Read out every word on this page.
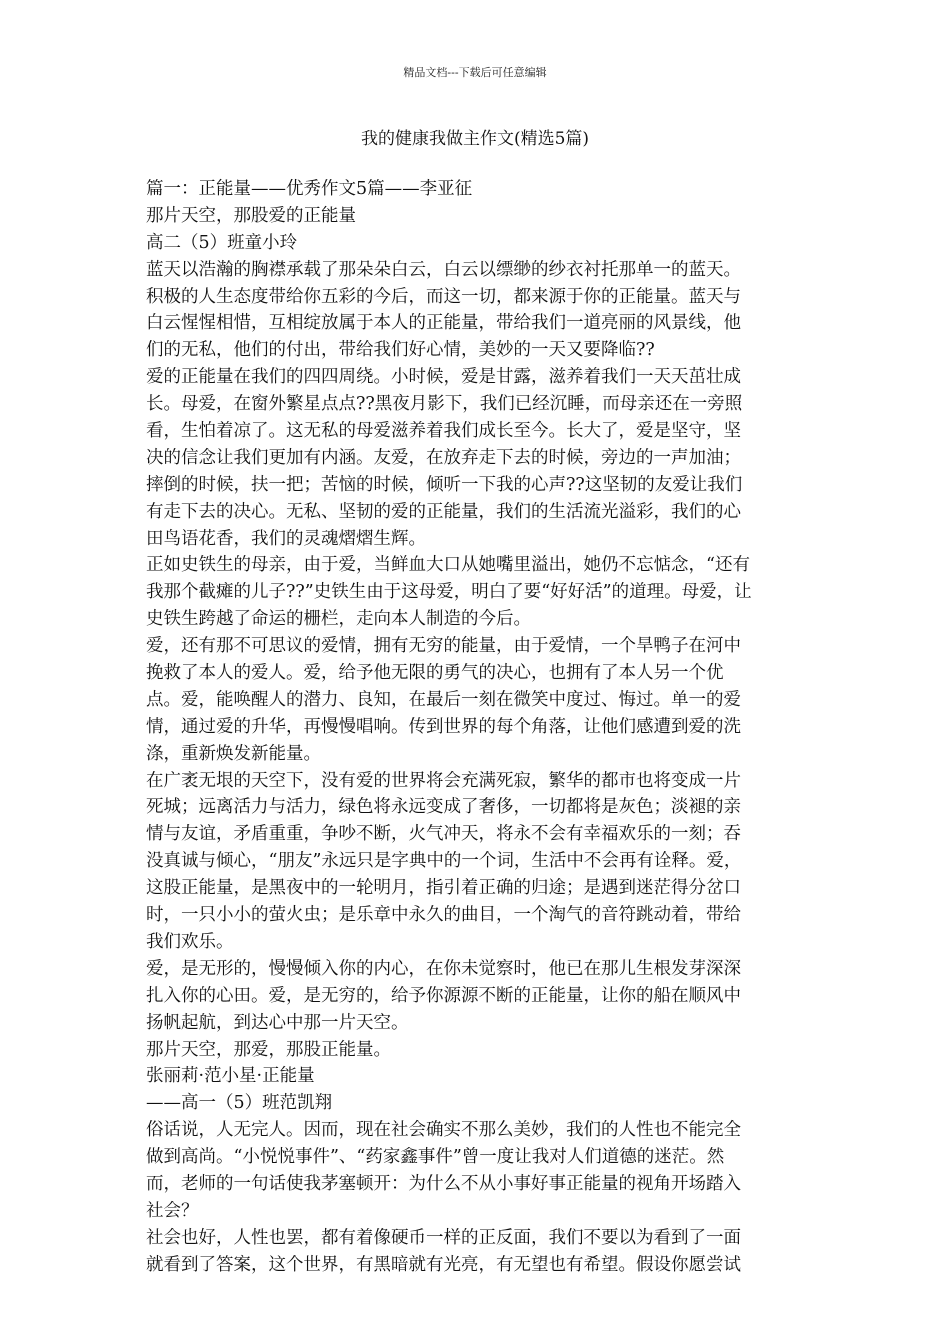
精品文档---下载后可任意编辑
我的健康我做主作文(精选5篇)
篇一：正能量——优秀作文5篇——李亚征
那片天空，那股爱的正能量
高二（5）班童小玲
蓝天以浩瀚的胸襟承载了那朵朵白云，白云以缥缈的纱衣衬托那单一的蓝天。
积极的人生态度带给你五彩的今后，而这一切，都来源于你的正能量。蓝天与
白云惺惺相惜，互相绽放属于本人的正能量，带给我们一道亮丽的风景线，他
们的无私，他们的付出，带给我们好心情，美妙的一天又要降临??
爱的正能量在我们的四四周绕。小时候，爱是甘露，滋养着我们一天天茁壮成
长。母爱，在窗外繁星点点??黑夜月影下，我们已经沉睡，而母亲还在一旁照
看，生怕着凉了。这无私的母爱滋养着我们成长至今。长大了，爱是坚守，坚
决的信念让我们更加有内涵。友爱，在放弃走下去的时候，旁边的一声加油；
摔倒的时候，扶一把；苦恼的时候，倾听一下我的心声??这坚韧的友爱让我们
有走下去的决心。无私、坚韧的爱的正能量，我们的生活流光溢彩，我们的心
田鸟语花香，我们的灵魂熠熠生辉。
正如史铁生的母亲，由于爱，当鲜血大口从她嘴里溢出，她仍不忘惦念，“还有
我那个截瘫的儿子??”史铁生由于这母爱，明白了要“好好活”的道理。母爱，让
史铁生跨越了命运的栅栏，走向本人制造的今后。
爱，还有那不可思议的爱情，拥有无穷的能量，由于爱情，一个旱鸭子在河中
挽救了本人的爱人。爱，给予他无限的勇气的决心，也拥有了本人另一个优
点。爱，能唤醒人的潜力、良知，在最后一刻在微笑中度过、悔过。单一的爱
情，通过爱的升华，再慢慢唱响。传到世界的每个角落，让他们感遭到爱的洗
涤，重新焕发新能量。
在广袤无垠的天空下，没有爱的世界将会充满死寂，繁华的都市也将变成一片
死城；远离活力与活力，绿色将永远变成了奢侈，一切都将是灰色；淡褪的亲
情与友谊，矛盾重重，争吵不断，火气冲天，将永不会有幸福欢乐的一刻；吞
没真诚与倾心，“朋友”永远只是字典中的一个词，生活中不会再有诠释。爱，
这股正能量，是黑夜中的一轮明月，指引着正确的归途；是遇到迷茫得分岔口
时，一只小小的萤火虫；是乐章中永久的曲目，一个淘气的音符跳动着，带给
我们欢乐。
爱，是无形的，慢慢倾入你的内心，在你未觉察时，他已在那儿生根发芽深深
扎入你的心田。爱，是无穷的，给予你源源不断的正能量，让你的船在顺风中
扬帆起航，到达心中那一片天空。
那片天空，那爱，那股正能量。
张丽莉·范小星·正能量
——高一（5）班范凯翔
俗话说，人无完人。因而，现在社会确实不那么美妙，我们的人性也不能完全
做到高尚。“小悦悦事件”、“药家鑫事件”曾一度让我对人们道德的迷茫。然
而，老师的一句话使我茅塞顿开：为什么不从小事好事正能量的视角开场踏入
社会？
社会也好，人性也罢，都有着像硬币一样的正反面，我们不要以为看到了一面
就看到了答案，这个世界，有黑暗就有光亮，有无望也有希望。假设你愿尝试
